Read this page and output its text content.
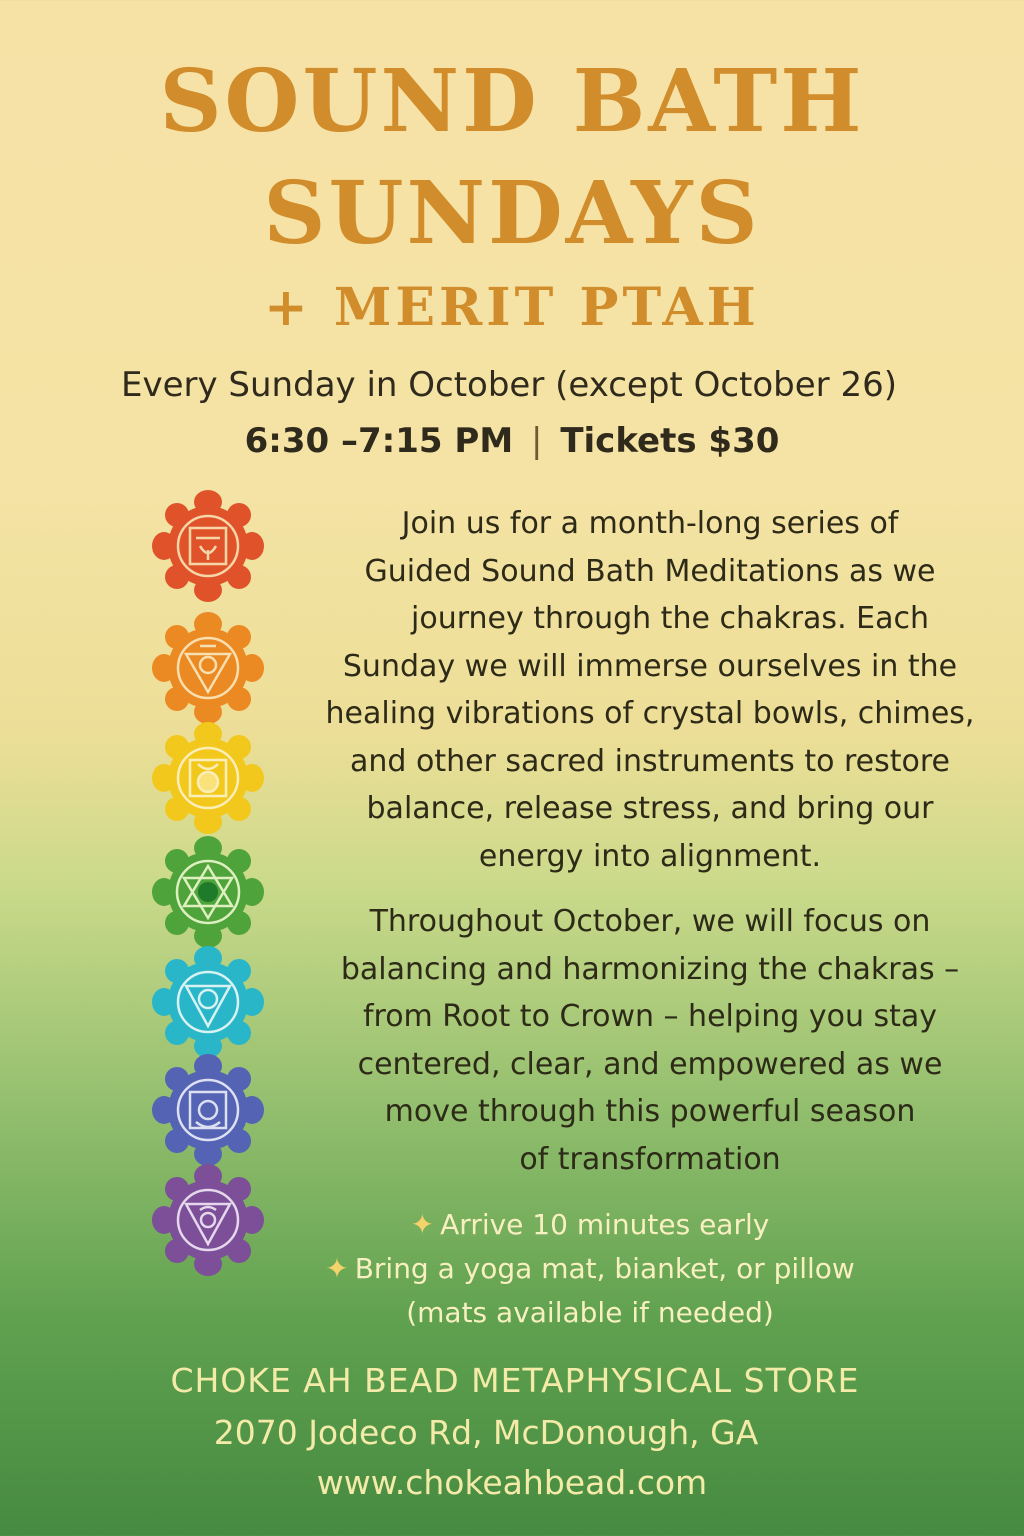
SOUND BATH
SUNDAYS
+ MERIT PTAH

Every Sunday in October (except October 26)

6:30 –7:15 PM | Tickets $30

Join us for a month-long series of
Guided Sound Bath Meditations as we
journey through the chakras. Each
Sunday we will immerse ourselves in the
healing vibrations of crystal bowls, chimes,
and other sacred instruments to restore
balance, release stress, and bring our
energy into alignment.
Throughout October, we will focus on
balancing and harmonizing the chakras –
from Root to Crown – helping you stay
centered, clear, and empowered as we
move through this powerful season
of transformation
✦ Arrive 10 minutes early
✦ Bring a yoga mat, bianket, or pillow
(mats available if needed)
CHOKE AH BEAD METAPHYSICAL STORE
2070 Jodeco Rd, McDonough, GA
www.chokeahbead.com
